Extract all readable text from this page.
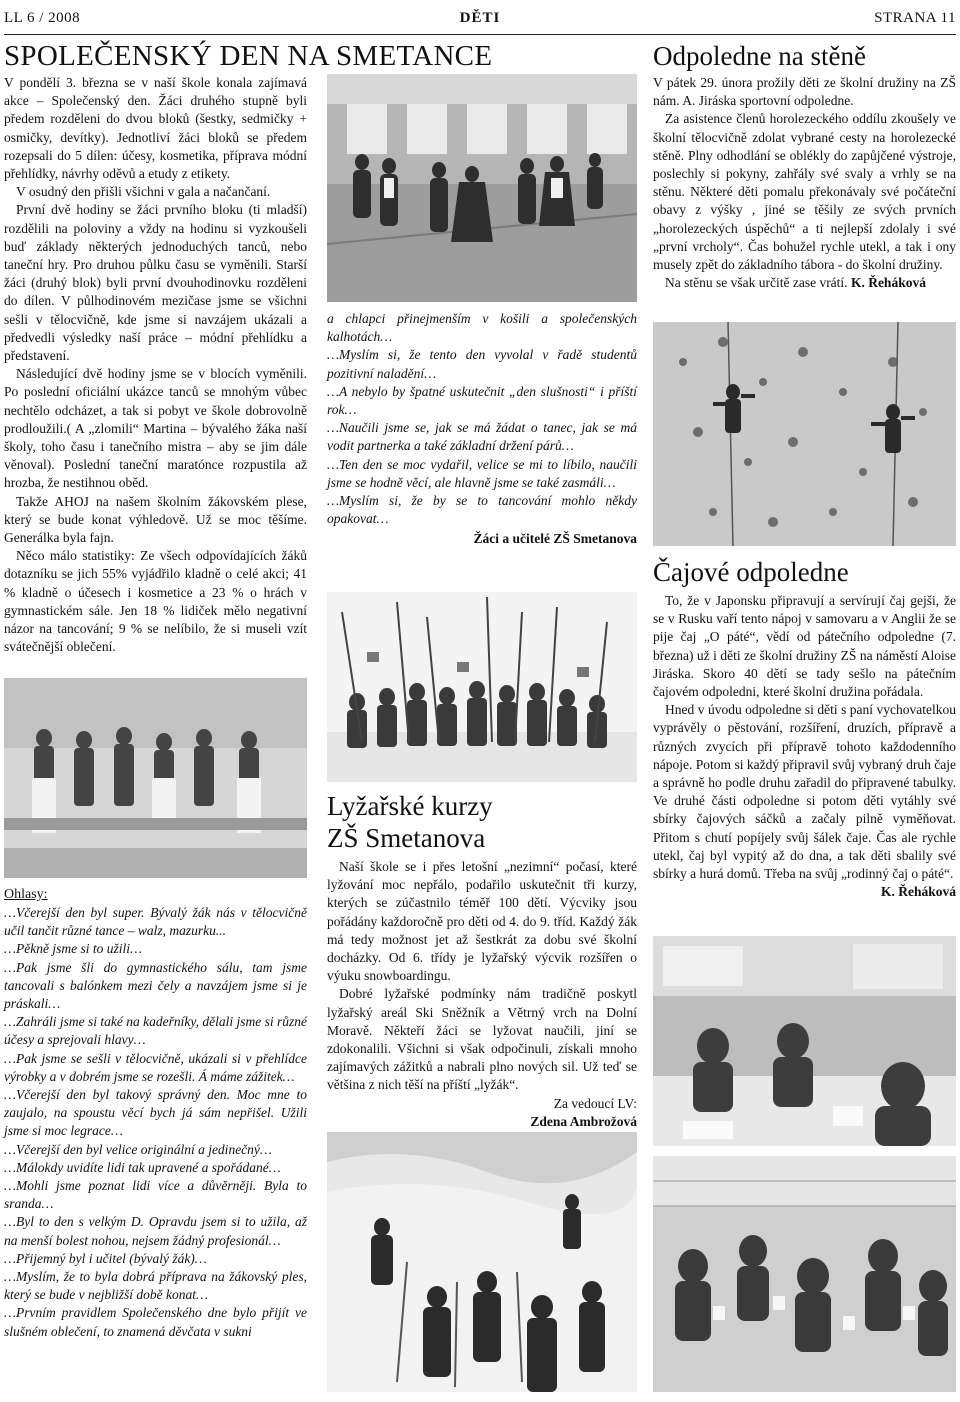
LL 6 / 2008	DĚTI	STRANA 11
SPOLEČENSKÝ DEN NA SMETANCE

V pondělí 3. března se v naší škole konala zajímavá akce – Společenský den. Žáci druhého stupně byli předem rozděleni do dvou bloků (šestky, sedmičky + osmičky, devítky). Jednotliví žáci bloků se předem rozepsali do 5 dílen: účesy, kosmetika, příprava módní přehlídky, návrhy oděvů a etudy z etikety.

V osudný den přišli všichni v gala a načančaní.

První dvě hodiny se žáci prvního bloku (ti mladší) rozdělili na poloviny a vždy na hodinu si vyzkoušeli buď základy některých jednoduchých tanců, nebo taneční hry. Pro druhou půlku času se vyměnili. Starší žáci (druhý blok) byli první dvouhodinovku rozděleni do dílen. V půlhodinovém mezičase jsme se všichni sešli v tělocvičně, kde jsme si navzájem ukázali a předvedli výsledky naší práce – módní přehlídku a představení.

Následující dvě hodiny jsme se v blocích vyměnili. Po poslední oficiální ukázce tanců se mnohým vůbec nechtělo odcházet, a tak si pobyt ve škole dobrovolně prodloužili.( A „zlomili“ Martina – bývalého žáka naší školy, toho času i tanečního mistra – aby se jim dále věnoval). Poslední taneční maratónce rozpustila až hrozba, že nestihnou oběd.

Takže AHOJ na našem školním žákovském plese, který se bude konat výhledově. Už se moc těšíme. Generálka byla fajn.

Něco málo statistiky: Ze všech odpovídajících žáků dotazníku se jich 55% vyjádřilo kladně o celé akci; 41 % kladně o účesech i kosmetice a 23 % o hrách v gymnastickém sále. Jen 18 % lidiček mělo negativní názor na tancování; 9 % se nelíbilo, že si museli vzít svátečnější oblečení.

a chlapci přinejmenším v košili a společenských kalhotách…

…Myslím si, že tento den vyvolal v řadě studentů pozitivní naladění…

…A nebylo by špatné uskutečnit „den slušnosti“ i příští rok…

…Naučili jsme se, jak se má žádat o tanec, jak se má vodit partnerka a také základní držení párů…

…Ten den se moc vydařil, velice se mi to líbilo, naučili jsme se hodně věcí, ale hlavně jsme se také zasmáli…

…Myslím si, že by se to tancování mohlo někdy opakovat…

Žáci a učitelé ZŠ Smetanova
Lyžařské kurzy
ZŠ Smetanova

Naší škole se i přes letošní „nezimní“ počasí, které lyžování moc nepřálo, podařilo uskutečnit tři kurzy, kterých se zúčastnilo téměř 100 dětí. Výcviky jsou pořádány každoročně pro děti od 4. do 9. tříd. Každý žák má tedy možnost jet až šestkrát za dobu své školní docházky. Od 6. třídy je lyžařský výcvik rozšířen o výuku snowboardingu.

Dobré lyžařské podmínky nám tradičně poskytl lyžařský areál Ski Sněžník a Větrný vrch na Dolní Moravě. Někteří žáci se lyžovat naučili, jiní se zdokonalili. Všichni si však odpočinuli, získali mnoho zajímavých zážitků a nabrali plno nových sil. Už teď se většina z nich těší na příští „lyžák“.

Za vedoucí LV:
Zdena Ambrožová
Ohlasy:

…Včerejší den byl super. Bývalý žák nás v tělocvičně učil tančit různé tance – walz, mazurku...

…Pěkně jsme si to užili…

…Pak jsme šli do gymnastického sálu, tam jsme tancovali s balónkem mezi čely a navzájem jsme si je práskali…

…Zahráli jsme si také na kadeřníky, dělali jsme si různé účesy a sprejovali hlavy…

…Pak jsme se sešli v tělocvičně, ukázali si v přehlídce výrobky a v dobrém jsme se rozešli. Á máme zážitek…

…Včerejší den byl takový správný den. Moc mne to zaujalo, na spoustu věcí bych já sám nepřišel. Užili jsme si moc legrace…

…Včerejší den byl velice originální a jedinečný…

…Málokdy uvidíte lidi tak upravené a spořádané…

…Mohli jsme poznat lidi více a důvěrněji. Byla to sranda…

…Byl to den s velkým D. Opravdu jsem si to užila, až na menší bolest nohou, nejsem žádný profesionál…

…Přijemný byl i učitel (bývalý žák)…

…Myslím, že to byla dobrá příprava na žákovský ples, který se bude v nejbližší době konat…

…Prvním pravidlem Společenského dne bylo přijít ve slušném oblečení, to znamená děvčata v sukni

Odpoledne na stěně

V pátek 29. února prožily děti ze školní družiny na ZŠ nám. A. Jiráska sportovní odpoledne.

Za asistence členů horolezeckého oddílu zkoušely ve školní tělocvičně zdolat vybrané cesty na horolezecké stěně. Plny odhodlání se oblékly do zapůjčené výstroje, poslechly si pokyny, zahřály své svaly a vrhly se na stěnu. Některé děti pomalu překonávaly své počáteční obavy z výšky , jiné se těšily ze svých prvních „horolezeckých úspěchů“ a ti nejlepší zdolaly i své „první vrcholy“. Čas bohužel rychle utekl, a tak i ony musely zpět do základního tábora - do školní družiny.

Na stěnu se však určitě zase vrátí. K. Řeháková

Čajové odpoledne

To, že v Japonsku připravují a servírují čaj gejši, že se v Rusku vaří tento nápoj v samovaru a v Anglii že se pije čaj „O páté“, vědí od pátečního odpoledne (7. března) už i děti ze školní družiny ZŠ na náměstí Aloise Jiráska. Skoro 40 dětí se tady sešlo na pátečním čajovém odpoledni, které školní družina pořádala.

Hned v úvodu odpoledne si děti s paní vychovatelkou vyprávěly o pěstování, rozšíření, druzích, přípravě a různých zvycích při přípravě tohoto každodenního nápoje. Potom si každý připravil svůj vybraný druh čaje a správně ho podle druhu zařadil do připravené tabulky. Ve druhé části odpoledne si potom děti vytáhly své sbírky čajových sáčků a začaly pilně vyměňovat. Přitom s chutí popíjely svůj šálek čaje. Čas ale rychle utekl, čaj byl vypitý až do dna, a tak děti sbalily své sbírky a hurá domů. Třeba na svůj „rodinný čaj o páté“.

K. Řeháková
